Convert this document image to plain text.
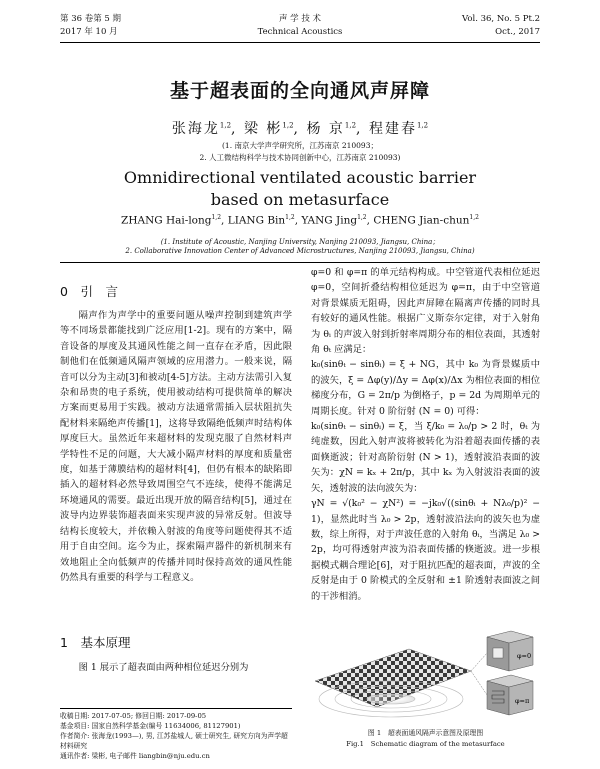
第 36 卷第 5 期	声 学 技 术	Vol. 36, No. 5 Pt.2
2017 年 10 月	Technical Acoustics	Oct., 2017
基于超表面的全向通风声屏障
张海龙$^{1,2}$, 梁 彬$^{1,2}$, 杨 京$^{1,2}$, 程建春$^{1,2}$
(1. 南京大学声学研究所，江苏南京 210093；
2. 人工微结构科学与技术协同创新中心，江苏南京 210093)
Omnidirectional ventilated acoustic barrier
based on metasurface
ZHANG Hai-long$^{1,2}$, LIANG Bin$^{1,2}$, YANG Jing$^{1,2}$, CHENG Jian-chun$^{1,2}$
(1. Institute of Acoustic, Nanjing University, Nanjing 210093, Jiangsu, China；
2. Collaborative Innovation Center of Advanced Microstructures, Nanjing 210093, Jiangsu, China)
0　引　言

隔声作为声学中的重要问题从噪声控制到建筑声学等不同场景都能找到广泛应用[1-2]。现有的方案中，隔音设备的厚度及其通风性能之间一直存在矛盾，因此限制他们在低频通风隔声领域的应用潜力。一般来说，隔音可以分为主动[3]和被动[4-5]方法。主动方法需引入复杂和昂贵的电子系统，使用被动结构可提供简单的解决方案而更易用于实践。被动方法通常需插入层状阻抗失配材料来隔绝声传播[1]，这将导致隔绝低频声时结构体厚度巨大。虽然近年来超材料的发现克服了自然材料声学特性不足的问题，大大减小隔声材料的厚度和质量密度，如基于薄膜结构的超材料[4]，但仍有根本的缺陷即插入的超材料必然导致周围空气不连续，使得不能满足环境通风的需要。最近出现开放的隔音结构[5]，通过在波导内边界装饰超表面来实现声波的异常反射。但波导结构长度较大，并依赖入射波的角度等问题使得其不适用于自由空间。迄今为止，探索隔声器件的新机制来有效地阻止全向低频声的传播并同时保持高效的通风性能仍然具有重要的科学与工程意义。

1　基本原理

图 1 展示了超表面由两种相位延迟分别为

收稿日期: 2017-07-05; 修回日期: 2017-09-05
基金项目: 国家自然科学基金(编号 11634006, 81127901)
作者简介: 张海龙(1993—), 男, 江苏盐城人, 硕士研究生, 研究方向为声学超材料研究
通讯作者: 梁彬, 电子邮件 liangbin@nju.edu.cn

φ=0 和 φ=π 的单元结构构成。中空管道代表相位延迟 φ=0，空间折叠结构相位延迟为 φ=π，由于中空管道对背景媒质无阻碍，因此声屏障在隔离声传播的同时具有较好的通风性能。根据广义斯奈尔定律，对于入射角为 θᵢ 的声波入射到折射率周期分布的相位表面，其透射角 θₜ 应满足：

k₀(sinθₜ − sinθᵢ) = ξ + NG，其中 k₀ 为背景媒质中的波矢，ξ = Δφ(y)/Δy = Δφ(x)/Δx 为相位表面的相位梯度分布，G = 2π/p 为倒格子，p = 2d 为周期单元的周期长度。针对 0 阶衍射 (N = 0) 可得：

k₀(sinθₜ − sinθᵢ) = ξ，当 ξ/k₀ = λ₀/p > 2 时，θₜ 为纯虚数，因此入射声波将被转化为沿着超表面传播的表面倏逝波；针对高阶衍射 (N > 1)，透射波沿表面的波矢为：χN = kₓ + 2π/p，其中 kₓ 为入射波沿表面的波矢，透射波的法向波矢为：

γN = √(k₀² − χN²) = −jk₀√((sinθᵢ + Nλ₀/p)² − 1)，显然此时当 λ₀ > 2p，透射波沿法向的波矢也为虚数，综上所得，对于声波任意的入射角 θᵢ，当满足 λ₀ > 2p，均可得透射声波为沿表面传播的倏逝波。进一步根据模式耦合理论[6]，对于阻抗匹配的超表面，声波的全反射是由于 0 阶模式的全反射和 ±1 阶透射表面波之间的干涉相消。

φ=0
φ=π
图 1　超表面通风隔声示意图及原理图
Fig.1　Schematic diagram of the metasurface
